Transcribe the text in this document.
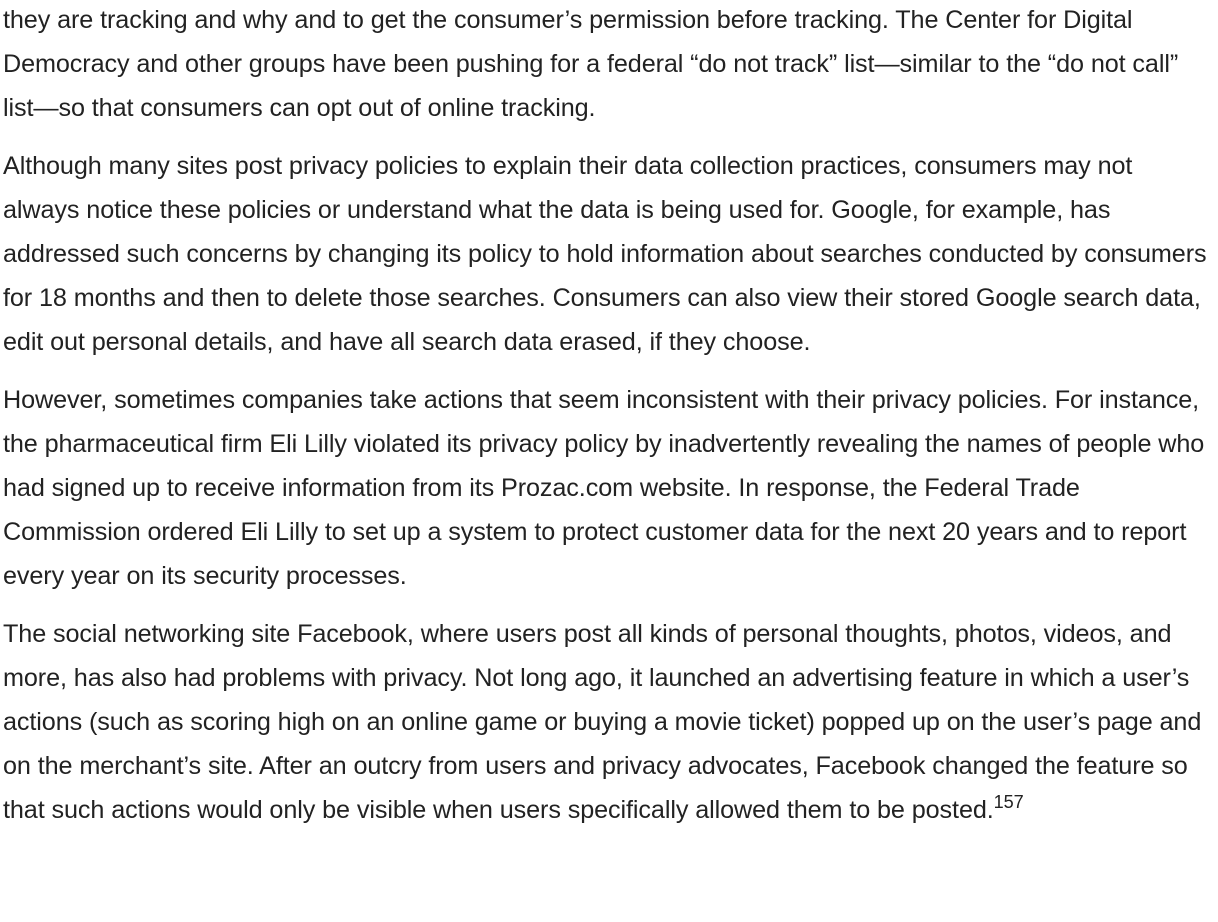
they are tracking and why and to get the consumer’s permission before tracking. The Center for Digital Democracy and other groups have been pushing for a federal “do not track” list—similar to the “do not call” list—so that consumers can opt out of online tracking.

Although many sites post privacy policies to explain their data collection practices, consumers may not always notice these policies or understand what the data is being used for. Google, for example, has addressed such concerns by changing its policy to hold information about searches conducted by consumers for 18 months and then to delete those searches. Consumers can also view their stored Google search data, edit out personal details, and have all search data erased, if they choose.

However, sometimes companies take actions that seem inconsistent with their privacy policies. For instance, the pharmaceutical firm Eli Lilly violated its privacy policy by inadvertently revealing the names of people who had signed up to receive information from its Prozac.com website. In response, the Federal Trade Commission ordered Eli Lilly to set up a system to protect customer data for the next 20 years and to report every year on its security processes.

The social networking site Facebook, where users post all kinds of personal thoughts, photos, videos, and more, has also had problems with privacy. Not long ago, it launched an advertising feature in which a user’s actions (such as scoring high on an online game or buying a movie ticket) popped up on the user’s page and on the merchant’s site. After an outcry from users and privacy advocates, Facebook changed the feature so that such actions would only be visible when users specifically allowed them to be posted.$^{157}$
